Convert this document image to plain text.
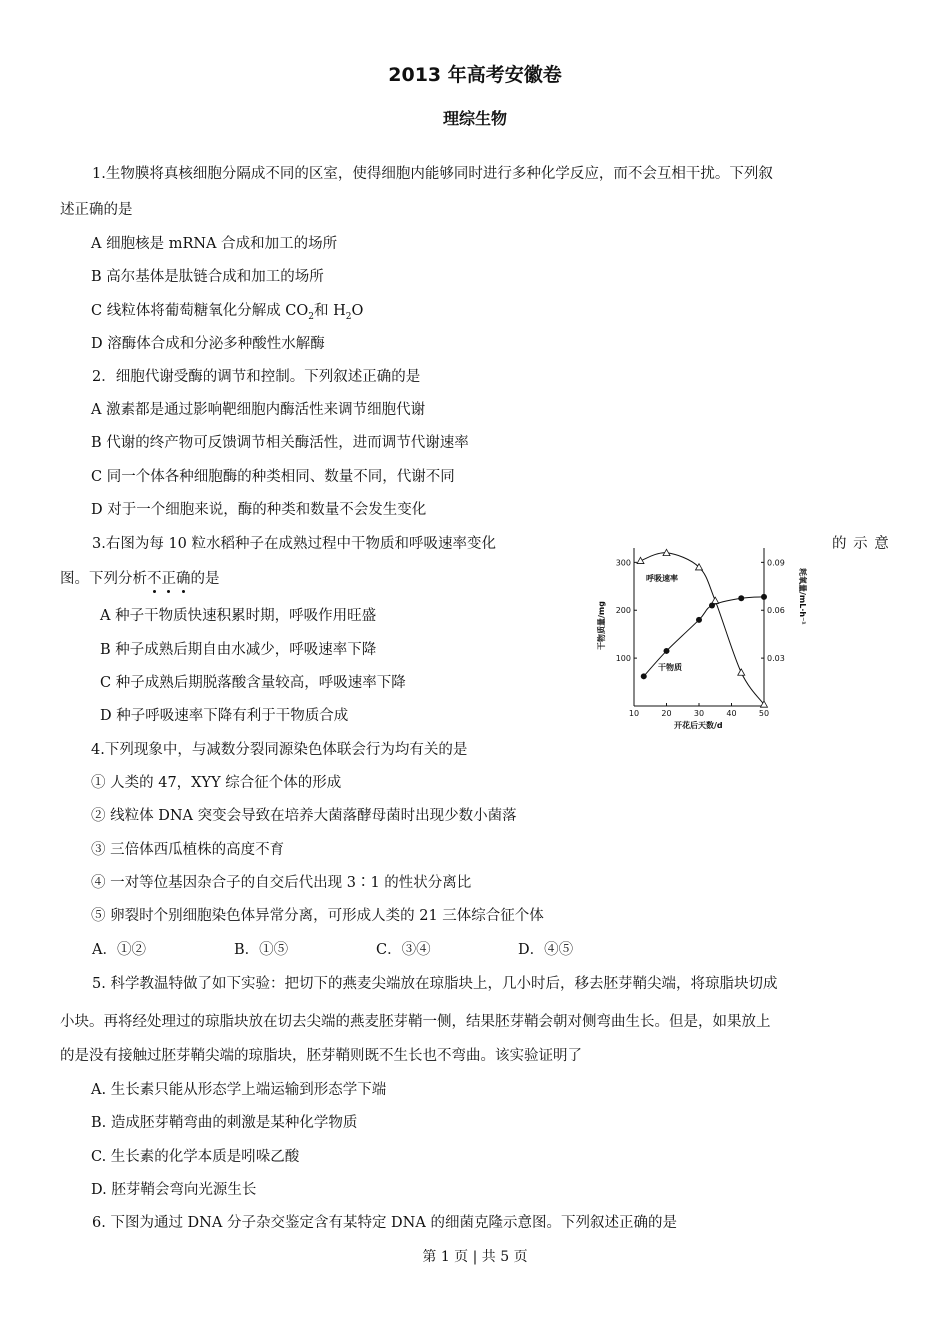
2013 年高考安徽卷
理综生物
1.生物膜将真核细胞分隔成不同的区室，使得细胞内能够同时进行多种化学反应，而不会互相干扰。下列叙
述正确的是
A 细胞核是 mRNA 合成和加工的场所
B 高尔基体是肽链合成和加工的场所
C 线粒体将葡萄糖氧化分解成 $CO_2$和 $H_2O$
D 溶酶体合成和分泌多种酸性水解酶
2．细胞代谢受酶的调节和控制。下列叙述正确的是
A 激素都是通过影响靶细胞内酶活性来调节细胞代谢
B 代谢的终产物可反馈调节相关酶活性，进而调节代谢速率
C 同一个体各种细胞酶的种类相同、数量不同，代谢不同
D 对于一个细胞来说，酶的种类和数量不会发生变化
3.右图为每 10 粒水稻种子在成熟过程中干物质和呼吸速率变化	的 示 意
图。下列分析不正确的是
A 种子干物质快速积累时期，呼吸作用旺盛
B 种子成熟后期自由水减少，呼吸速率下降
C 种子成熟后期脱落酸含量较高，呼吸速率下降
D 种子呼吸速率下降有利于干物质合成	10	20	30	40	50
100
200
300
0.03
0.06
0.09
呼吸速率
干物质
开花后天数/d
干物质量/mg
耗氧量/mL·h⁻¹
4.下列现象中，与减数分裂同源染色体联会行为均有关的是
① 人类的 47，XYY 综合征个体的形成
② 线粒体 DNA 突变会导致在培养大菌落酵母菌时出现少数小菌落
③ 三倍体西瓜植株的高度不育
④ 一对等位基因杂合子的自交后代出现 3∶1 的性状分离比
⑤ 卵裂时个别细胞染色体异常分离，可形成人类的 21 三体综合征个体
A．①②	B．①⑤	C．③④	D．④⑤
5. 科学教温特做了如下实验：把切下的燕麦尖端放在琼脂块上，几小时后，移去胚芽鞘尖端，将琼脂块切成
小块。再将经处理过的琼脂块放在切去尖端的燕麦胚芽鞘一侧，结果胚芽鞘会朝对侧弯曲生长。但是，如果放上
的是没有接触过胚芽鞘尖端的琼脂块，胚芽鞘则既不生长也不弯曲。该实验证明了
A. 生长素只能从形态学上端运输到形态学下端
B. 造成胚芽鞘弯曲的刺激是某种化学物质
C. 生长素的化学本质是吲哚乙酸
D. 胚芽鞘会弯向光源生长
6. 下图为通过 DNA 分子杂交鉴定含有某特定 DNA 的细菌克隆示意图。下列叙述正确的是
第 1 页 | 共 5 页
